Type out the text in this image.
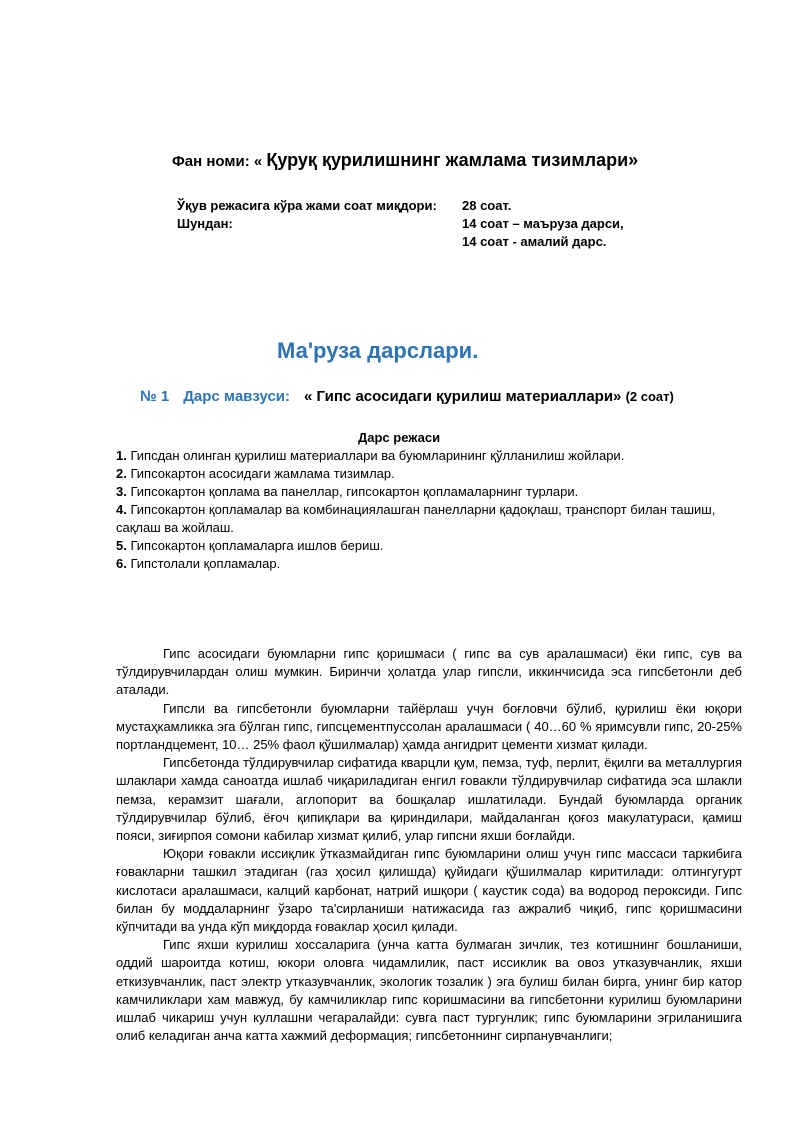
Фан номи: « Қуруқ қурилишнинг жамлама тизимлари»
Ўқув режасига кўра жами соат миқдори: 28 соат.
Шундан:	14 соат – маъруза дарси,
14 соат - амалий дарс.
Ма'руза дарслари.
№ 1 Дарс мавзуси: « Гипс асосидаги қурилиш материаллари» (2 соат)
Дарс режаси
1. Гипсдан олинган қурилиш материаллари ва буюмларининг қўлланилиш жойлари.
2. Гипсокартон асосидаги жамлама тизимлар.
3. Гипсокартон қоплама ва панеллар, гипсокартон қопламаларнинг турлари.
4. Гипсокартон қопламалар ва комбинациялашган панелларни қадоқлаш, транспорт билан ташиш, сақлаш ва жойлаш.
5. Гипсокартон қопламаларга ишлов бериш.
6. Гипстолали қопламалар.

Гипс асосидаги буюмларни гипс қоришмаси ( гипс ва сув аралашмаси) ёки гипс, сув ва тўлдирувчилардан олиш мумкин. Биринчи ҳолатда улар гипсли, иккинчисида эса гипсбетонли деб аталади.

Гипсли ва гипсбетонли буюмларни тайёрлаш учун боғловчи бўлиб, қурилиш ёки юқори мустаҳкамликка эга бўлган гипс, гипсцементпуссолан аралашмаси ( 40…60 % яримсувли гипс, 20-25% портландцемент, 10… 25% фаол қўшилмалар) ҳамда ангидрит цементи хизмат қилади.

Гипсбетонда тўлдирувчилар сифатида кварцли қум, пемза, туф, перлит, ёқилги ва металлургия шлаклари хамда саноатда ишлаб чиқариладиган енгил ғовакли тўлдирувчилар сифатида эса шлакли пемза, керамзит шағали, аглопорит ва бошқалар ишлатилади. Бундай буюмларда органик тўлдирувчилар бўлиб, ёғоч қипиқлари ва қириндилари, майдаланган қоғоз макулатураси, қамиш пояси, зиғирпоя сомони кабилар хизмат қилиб, улар гипсни яхши боғлайди.

Юқори ғовакли иссиқлик ўтказмайдиган гипс буюмларини олиш учун гипс массаси таркибига ғовакларни ташкил этадиган (газ ҳосил қилишда) қуйидаги қўшилмалар киритилади: олтингугурт кислотаси аралашмаси, калций карбонат, натрий ишқори ( каустик сода) ва водород пероксиди. Гипс билан бу моддаларнинг ўзаро та'сирланиши натижасида газ ажралиб чиқиб, гипс қоришмасини кўпчитади ва унда кўп миқдорда ғоваклар ҳосил қилади.

Гипс яхши курилиш хоссаларига (унча катта булмаган зичлик, тез котишнинг бошланиши, оддий шароитда котиш, юкори оловга чидамлилик, паст иссиклик ва овоз утказувчанлик, яхши еткизувчанлик, паст электр утказувчанлик, экологик тозалик ) эга булиш билан бирга, унинг бир катор камчиликлари хам мавжуд, бу камчиликлар гипс коришмасини ва гипсбетонни курилиш буюмларини ишлаб чикариш учун куллашни чегаралайди: сувга паст тургунлик; гипс буюмларини эгриланишига олиб келадиган анча катта хажмий деформация; гипсбетоннинг сирпанувчанлиги;
